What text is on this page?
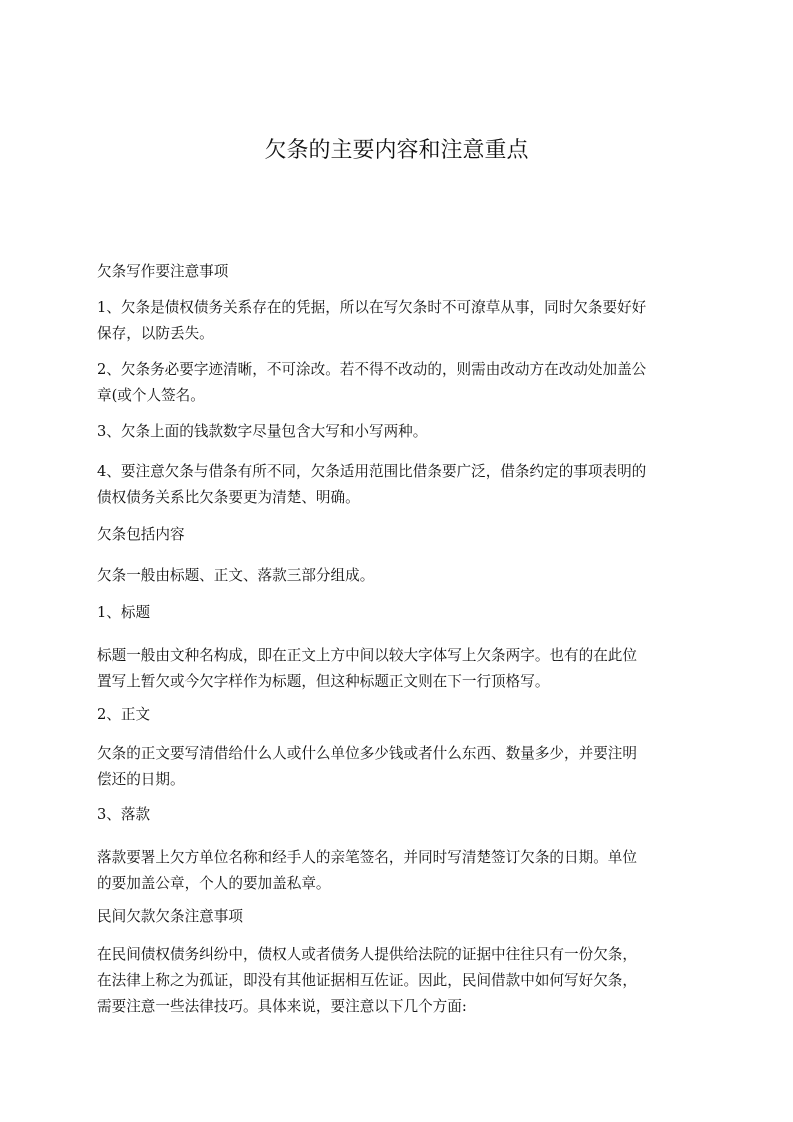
欠条的主要内容和注意重点

欠条写作要注意事项

1、欠条是债权债务关系存在的凭据，所以在写欠条时不可潦草从事，同时欠条要好好
保存，以防丢失。

2、欠条务必要字迹清晰，不可涂改。若不得不改动的，则需由改动方在改动处加盖公
章(或个人签名。

3、欠条上面的钱款数字尽量包含大写和小写两种。

4、要注意欠条与借条有所不同，欠条适用范围比借条要广泛，借条约定的事项表明的
债权债务关系比欠条要更为清楚、明确。

欠条包括内容

欠条一般由标题、正文、落款三部分组成。

1、标题

标题一般由文种名构成，即在正文上方中间以较大字体写上欠条两字。也有的在此位
置写上暂欠或今欠字样作为标题，但这种标题正文则在下一行顶格写。

2、正文

欠条的正文要写清借给什么人或什么单位多少钱或者什么东西、数量多少，并要注明
偿还的日期。

3、落款

落款要署上欠方单位名称和经手人的亲笔签名，并同时写清楚签订欠条的日期。单位
的要加盖公章，个人的要加盖私章。

民间欠款欠条注意事项

在民间债权债务纠纷中，债权人或者债务人提供给法院的证据中往往只有一份欠条，
在法律上称之为孤证，即没有其他证据相互佐证。因此，民间借款中如何写好欠条，
需要注意一些法律技巧。具体来说，要注意以下几个方面:
